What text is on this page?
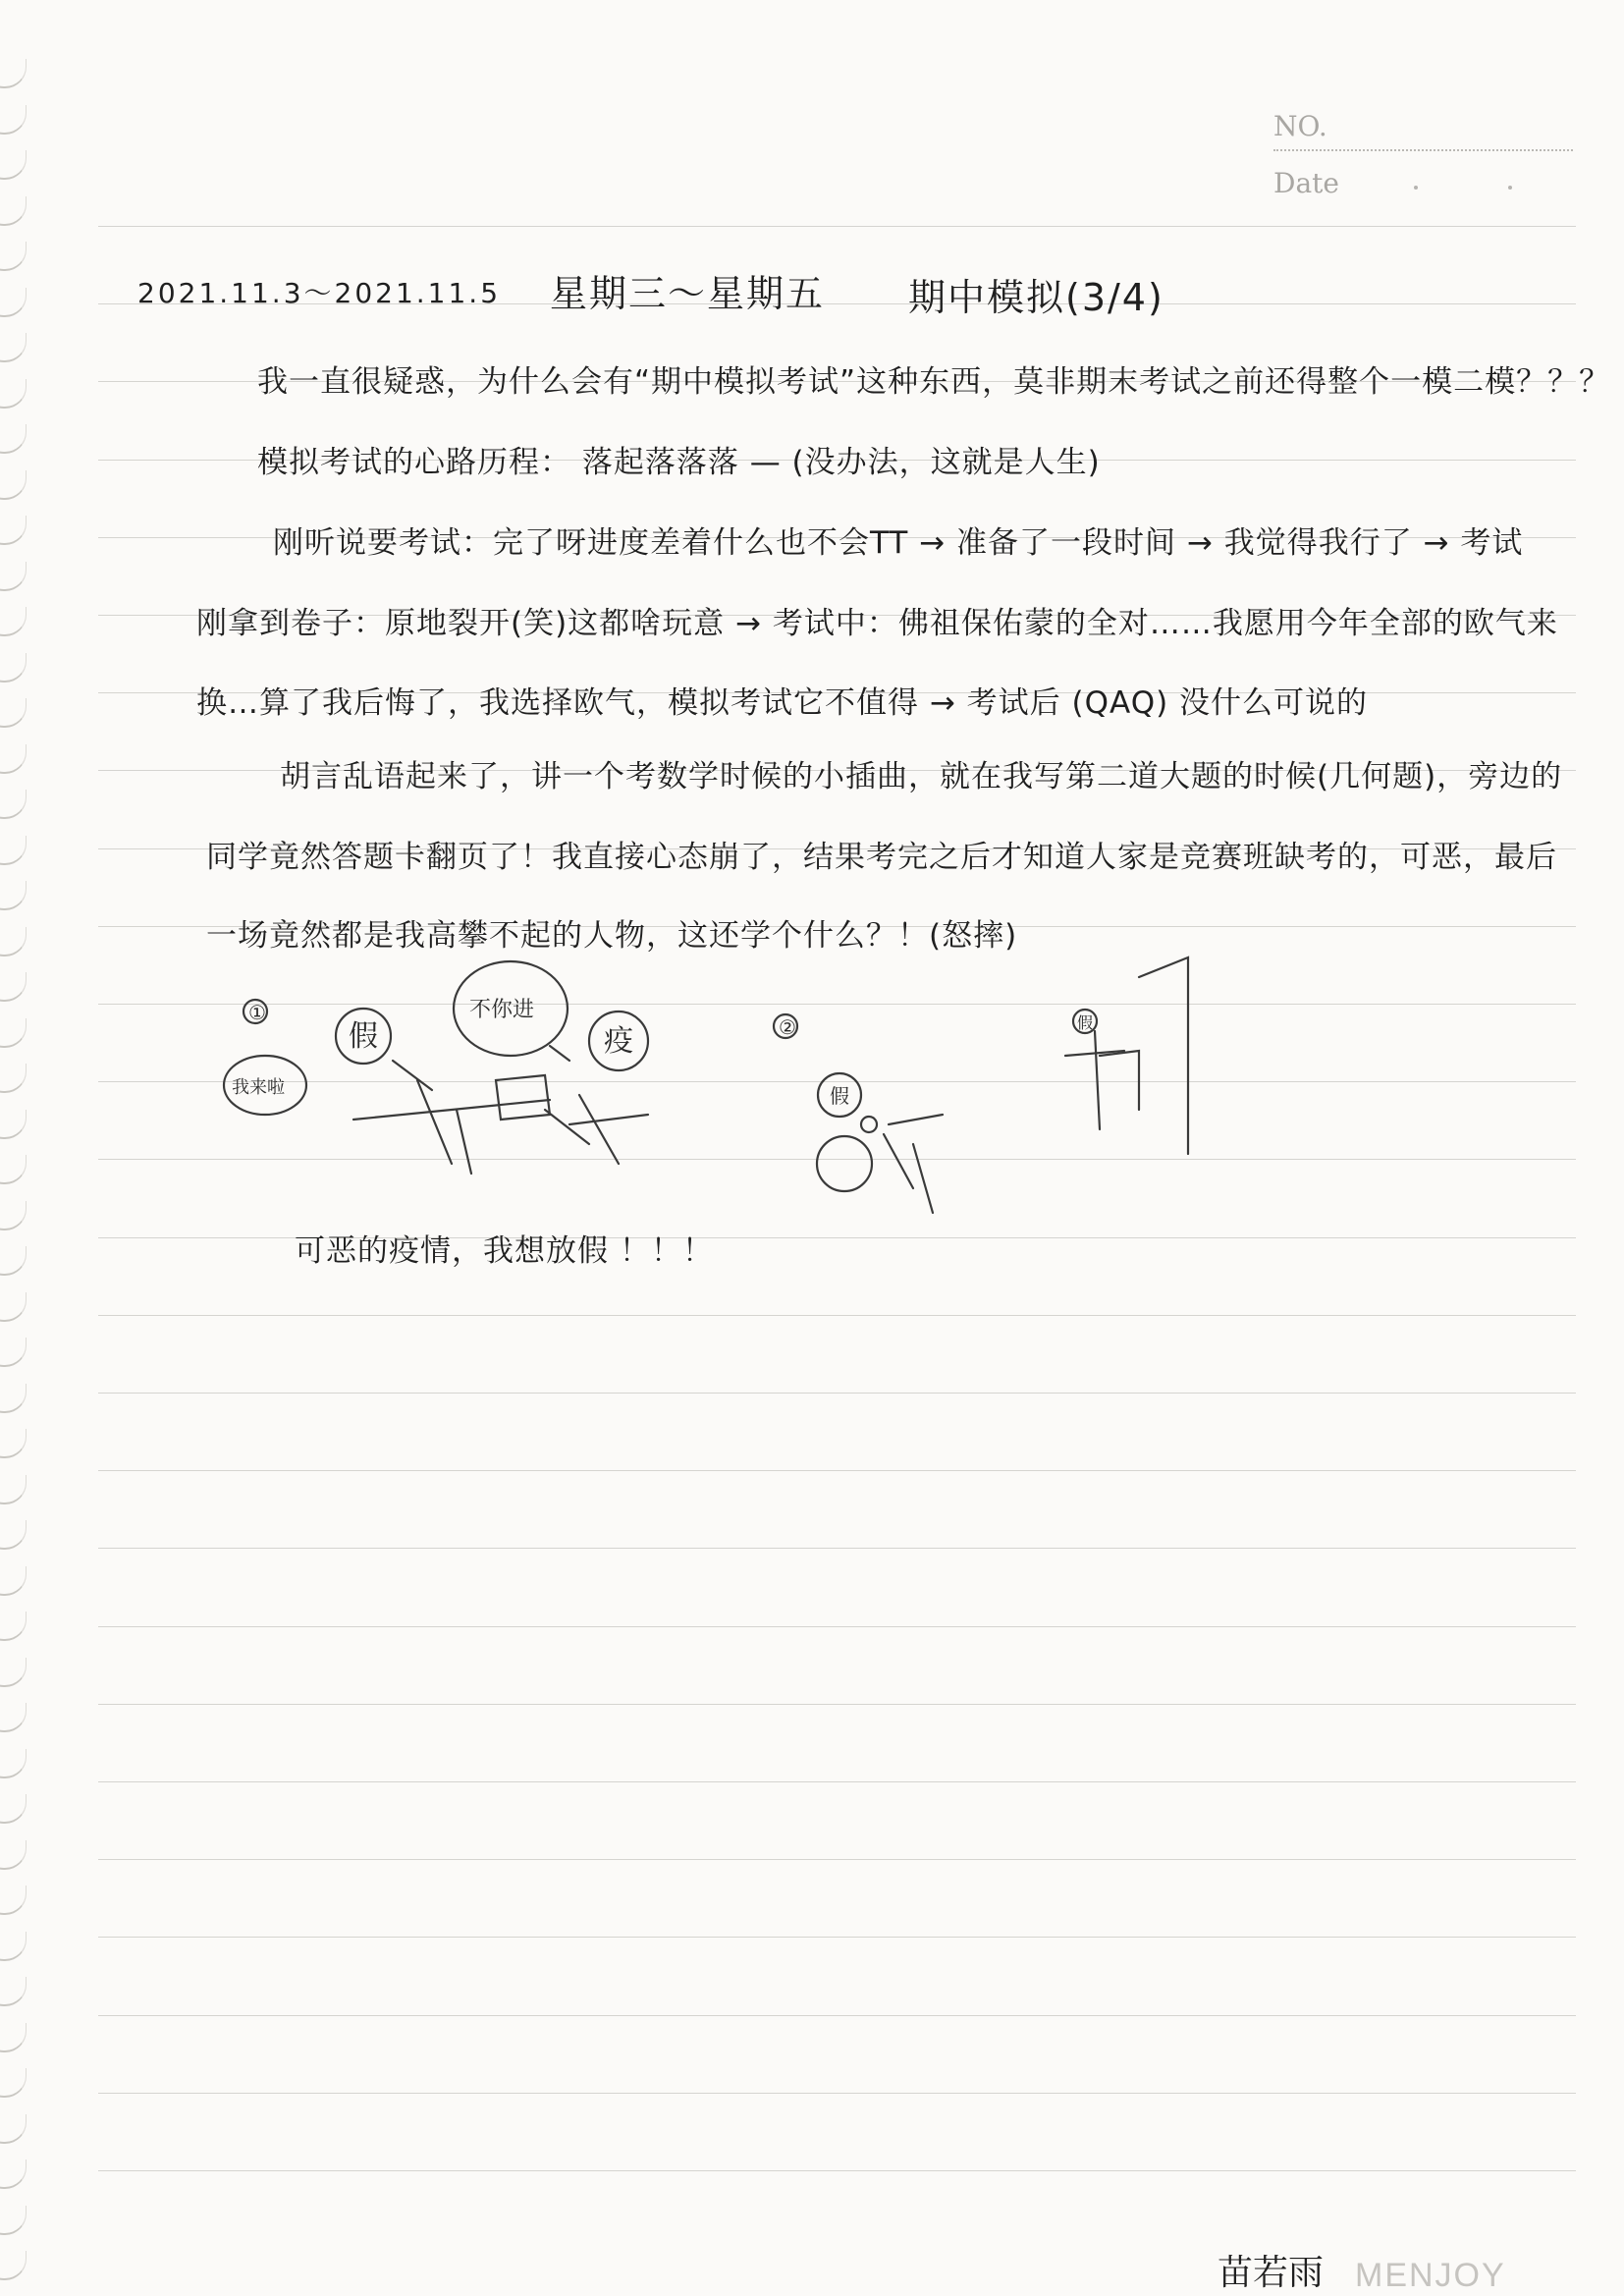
NO.
Date
2021.11.3～2021.11.5 星期三～星期五 期中模拟(3/4)
我一直很疑惑，为什么会有“期中模拟考试”这种东西，莫非期末考试之前还得整个一模二模？？？
模拟考试的心路历程： 落起落落落 — (没办法，这就是人生)
刚听说要考试：完了呀进度差着什么也不会TT → 准备了一段时间 → 我觉得我行了 → 考试
刚拿到卷子：原地裂开(笑)这都啥玩意 → 考试中：佛祖保佑蒙的全对……我愿用今年全部的欧气来
换…算了我后悔了，我选择欧气，模拟考试它不值得 → 考试后 (QAQ) 没什么可说的
胡言乱语起来了，讲一个考数学时候的小插曲，就在我写第二道大题的时候(几何题)，旁边的
同学竟然答题卡翻页了！我直接心态崩了，结果考完之后才知道人家是竞赛班缺考的，可恶，最后
一场竟然都是我高攀不起的人物，这还学个什么？！(怒摔)
①
②
我来啦
假
不你进
疫
假
假
可恶的疫情，我想放假 ！！！
苗若雨 MENJOY
